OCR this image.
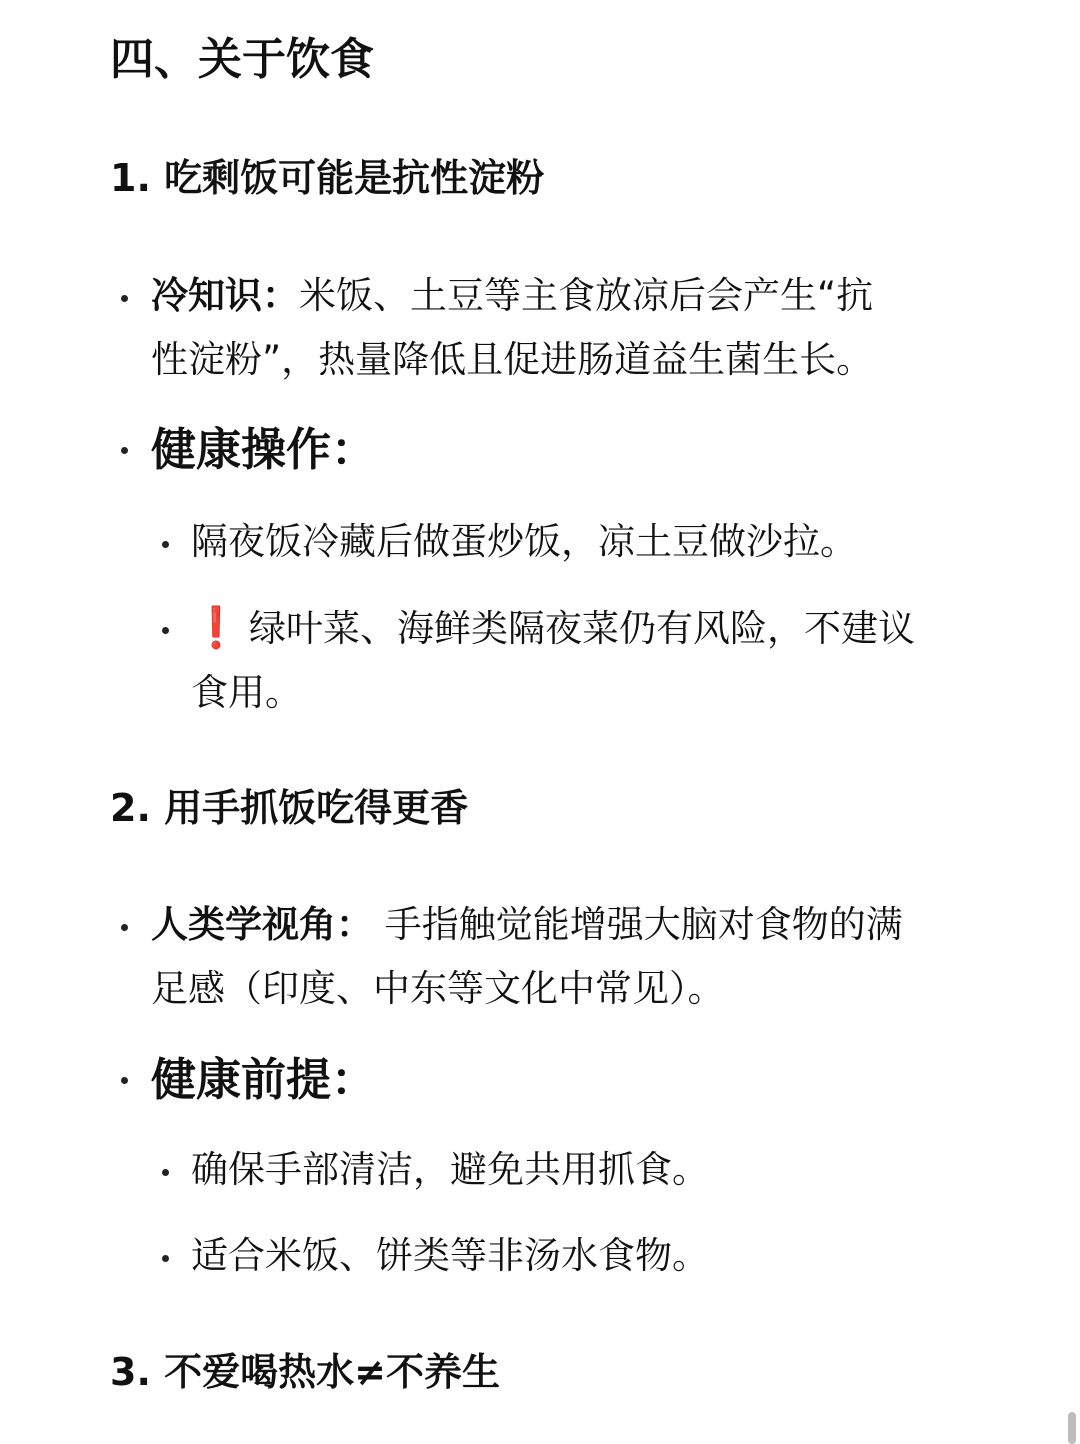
四、关于饮食
1. 吃剩饭可能是抗性淀粉
冷知识：米饭、土豆等主食放凉后会产生“抗
性淀粉”，热量降低且促进肠道益生菌生长。
健康操作：
隔夜饭冷藏后做蛋炒饭，凉土豆做沙拉。
❗ 绿叶菜、海鲜类隔夜菜仍有风险，不建议
食用。
2. 用手抓饭吃得更香
人类学视角： 手指触觉能增强大脑对食物的满
足感（印度、中东等文化中常见）。
健康前提：
确保手部清洁，避免共用抓食。
适合米饭、饼类等非汤水食物。
3. 不爱喝热水≠不养生
